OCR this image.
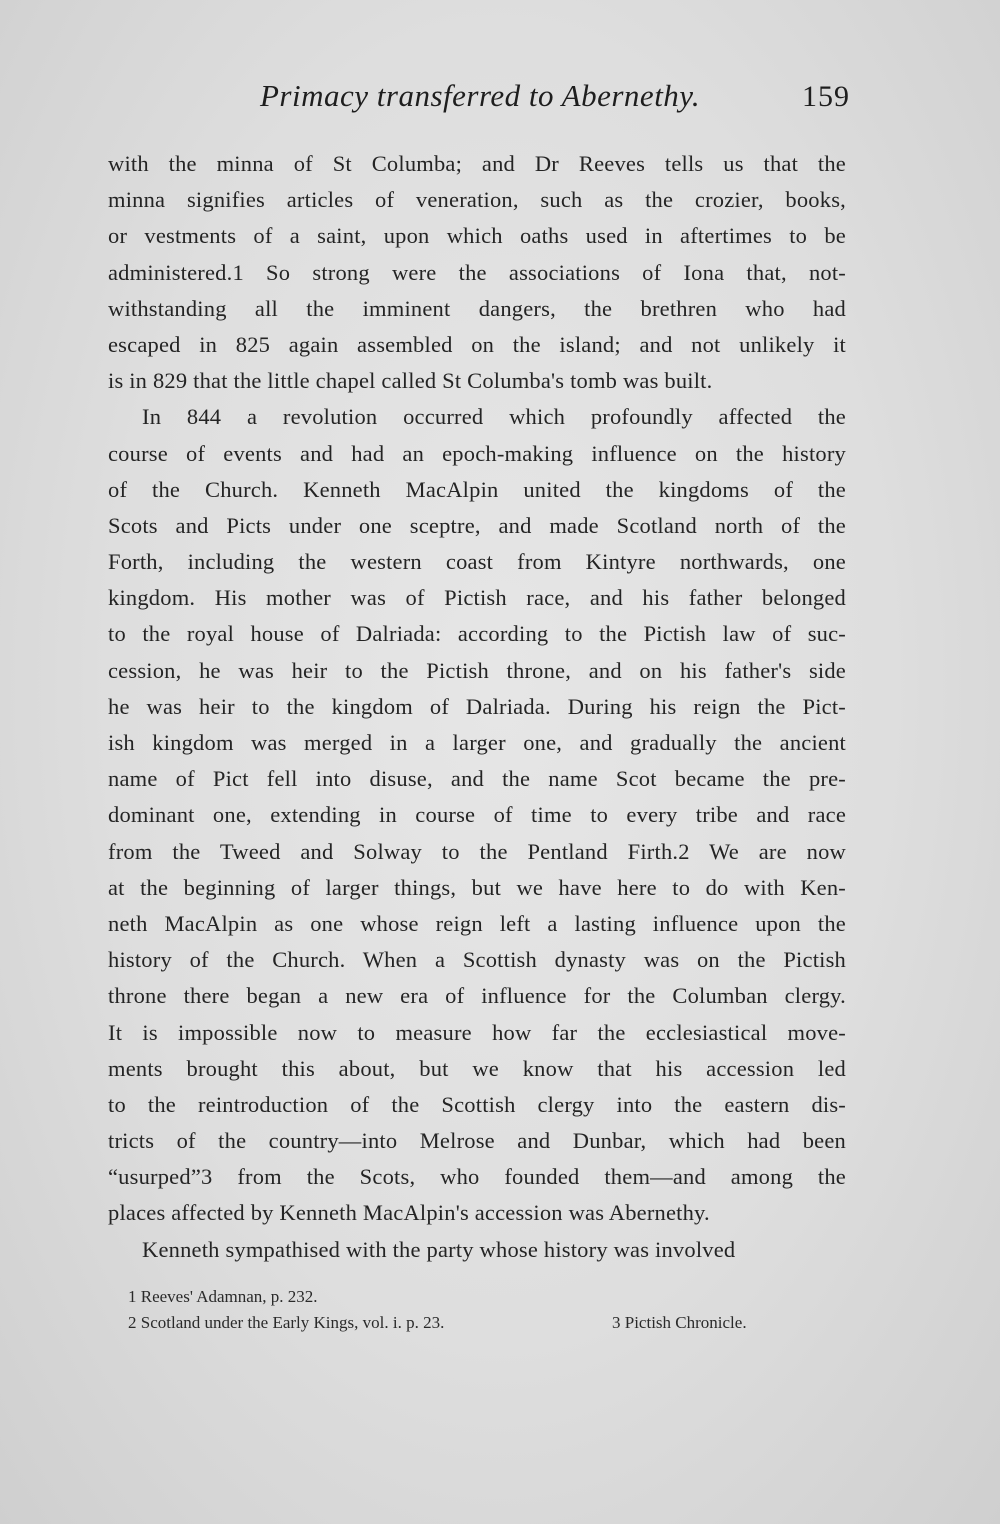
Primacy transferred to Abernethy.	159
with the minna of St Columba; and Dr Reeves tells us that the
minna signifies articles of veneration, such as the crozier, books,
or vestments of a saint, upon which oaths used in aftertimes to be
administered.1 So strong were the associations of Iona that, not-
withstanding all the imminent dangers, the brethren who had
escaped in 825 again assembled on the island; and not unlikely it
is in 829 that the little chapel called St Columba's tomb was built.
In 844 a revolution occurred which profoundly affected the
course of events and had an epoch-making influence on the history
of the Church. Kenneth MacAlpin united the kingdoms of the
Scots and Picts under one sceptre, and made Scotland north of the
Forth, including the western coast from Kintyre northwards, one
kingdom. His mother was of Pictish race, and his father belonged
to the royal house of Dalriada: according to the Pictish law of suc-
cession, he was heir to the Pictish throne, and on his father's side
he was heir to the kingdom of Dalriada. During his reign the Pict-
ish kingdom was merged in a larger one, and gradually the ancient
name of Pict fell into disuse, and the name Scot became the pre-
dominant one, extending in course of time to every tribe and race
from the Tweed and Solway to the Pentland Firth.2 We are now
at the beginning of larger things, but we have here to do with Ken-
neth MacAlpin as one whose reign left a lasting influence upon the
history of the Church. When a Scottish dynasty was on the Pictish
throne there began a new era of influence for the Columban clergy.
It is impossible now to measure how far the ecclesiastical move-
ments brought this about, but we know that his accession led
to the reintroduction of the Scottish clergy into the eastern dis-
tricts of the country—into Melrose and Dunbar, which had been
“usurped”3 from the Scots, who founded them—and among the
places affected by Kenneth MacAlpin's accession was Abernethy.
Kenneth sympathised with the party whose history was involved
1 Reeves' Adamnan, p. 232.
2 Scotland under the Early Kings, vol. i. p. 23.	3 Pictish Chronicle.
